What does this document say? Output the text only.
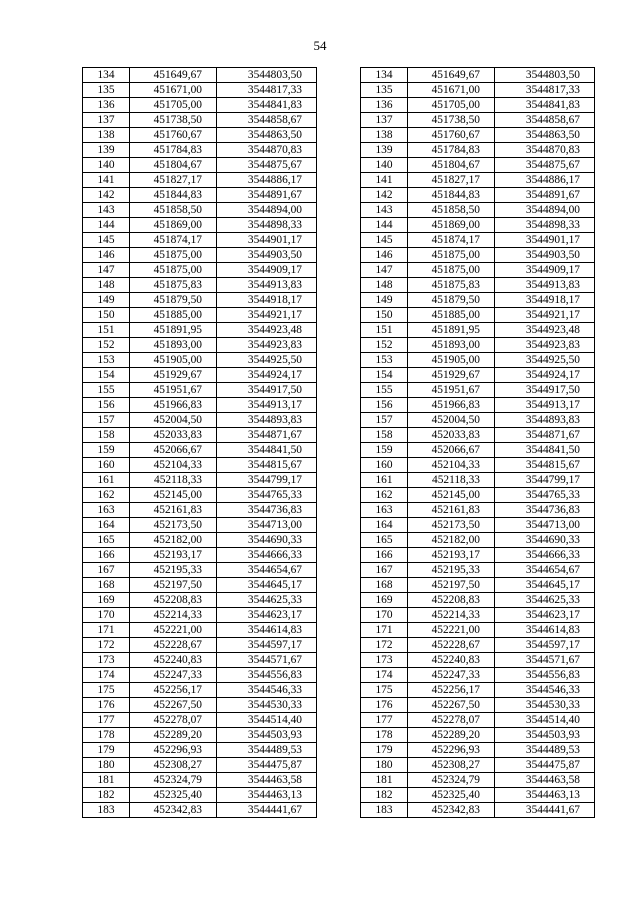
54
134	451649,67	3544803,50		134	451649,67	3544803,50
135	451671,00	3544817,33		135	451671,00	3544817,33
136	451705,00	3544841,83		136	451705,00	3544841,83
137	451738,50	3544858,67		137	451738,50	3544858,67
138	451760,67	3544863,50		138	451760,67	3544863,50
139	451784,83	3544870,83		139	451784,83	3544870,83
140	451804,67	3544875,67		140	451804,67	3544875,67
141	451827,17	3544886,17		141	451827,17	3544886,17
142	451844,83	3544891,67		142	451844,83	3544891,67
143	451858,50	3544894,00		143	451858,50	3544894,00
144	451869,00	3544898,33		144	451869,00	3544898,33
145	451874,17	3544901,17		145	451874,17	3544901,17
146	451875,00	3544903,50		146	451875,00	3544903,50
147	451875,00	3544909,17		147	451875,00	3544909,17
148	451875,83	3544913,83		148	451875,83	3544913,83
149	451879,50	3544918,17		149	451879,50	3544918,17
150	451885,00	3544921,17		150	451885,00	3544921,17
151	451891,95	3544923,48		151	451891,95	3544923,48
152	451893,00	3544923,83		152	451893,00	3544923,83
153	451905,00	3544925,50		153	451905,00	3544925,50
154	451929,67	3544924,17		154	451929,67	3544924,17
155	451951,67	3544917,50		155	451951,67	3544917,50
156	451966,83	3544913,17		156	451966,83	3544913,17
157	452004,50	3544893,83		157	452004,50	3544893,83
158	452033,83	3544871,67		158	452033,83	3544871,67
159	452066,67	3544841,50		159	452066,67	3544841,50
160	452104,33	3544815,67		160	452104,33	3544815,67
161	452118,33	3544799,17		161	452118,33	3544799,17
162	452145,00	3544765,33		162	452145,00	3544765,33
163	452161,83	3544736,83		163	452161,83	3544736,83
164	452173,50	3544713,00		164	452173,50	3544713,00
165	452182,00	3544690,33		165	452182,00	3544690,33
166	452193,17	3544666,33		166	452193,17	3544666,33
167	452195,33	3544654,67		167	452195,33	3544654,67
168	452197,50	3544645,17		168	452197,50	3544645,17
169	452208,83	3544625,33		169	452208,83	3544625,33
170	452214,33	3544623,17		170	452214,33	3544623,17
171	452221,00	3544614,83		171	452221,00	3544614,83
172	452228,67	3544597,17		172	452228,67	3544597,17
173	452240,83	3544571,67		173	452240,83	3544571,67
174	452247,33	3544556,83		174	452247,33	3544556,83
175	452256,17	3544546,33		175	452256,17	3544546,33
176	452267,50	3544530,33		176	452267,50	3544530,33
177	452278,07	3544514,40		177	452278,07	3544514,40
178	452289,20	3544503,93		178	452289,20	3544503,93
179	452296,93	3544489,53		179	452296,93	3544489,53
180	452308,27	3544475,87		180	452308,27	3544475,87
181	452324,79	3544463,58		181	452324,79	3544463,58
182	452325,40	3544463,13		182	452325,40	3544463,13
183	452342,83	3544441,67		183	452342,83	3544441,67
